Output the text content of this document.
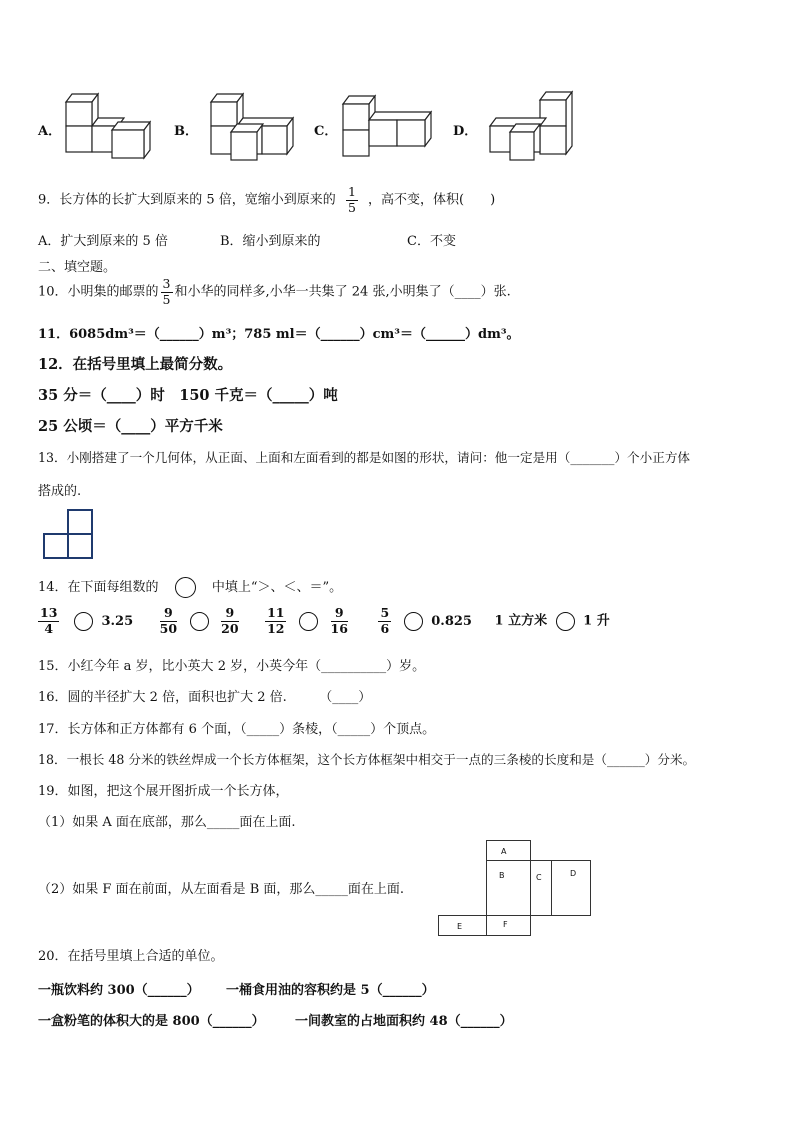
A．	B．	C．	D．
9．长方体的长扩大到原来的 5 倍，宽缩小到原来的 $\frac{1}{5}$ ，高不变，体积(　　)
A．扩大到原来的 5 倍	B．缩小到原来的	C．不变
二、填空题。
10．小明集的邮票的 $\frac{3}{5}$ 和小华的同样多,小华一共集了 24 张,小明集了（____）张.
11．6085dm³＝（______）m³；785 ml＝（______）cm³＝（______）dm³。
12．在括号里填上最简分数。
35 分＝（____）时　150 千克＝（_____）吨
25 公顷＝（____）平方千米
13．小刚搭建了一个几何体，从正面、上面和左面看到的都是如图的形状，请问：他一定是用（_______）个小正方体
搭成的.
14．在下面每组数的	中填上“＞、＜、＝”。
$\frac{13}{4}$	$3.25 \frac{9}{50}$
	$\frac{9}{20}$
$\frac{11}{12}$
	$\frac{9}{16}$
$\frac{5}{6}$	0.825 1 立方米	1 升
15．小红今年 a 岁，比小英大 2 岁，小英今年（__________）岁。
16．圆的半径扩大 2 倍，面积也扩大 2 倍.　　　（____）
17．长方体和正方体都有 6 个面，（_____）条棱，（_____）个顶点。
18．一根长 48 分米的铁丝焊成一个长方体框架，这个长方体框架中相交于一点的三条棱的长度和是（______）分米。
19．如图，把这个展开图折成一个长方体，
（1）如果 A 面在底部，那么_____面在上面.
（2）如果 F 面在前面，从左面看是 B 面，那么_____面在上面.
A
B	C	D
E	F
20．在括号里填上合适的单位。
一瓶饮料约 300（______） 一桶食用油的容积约是 5（______）
一盒粉笔的体积大的是 800（______） 一间教室的占地面积约 48（______）
